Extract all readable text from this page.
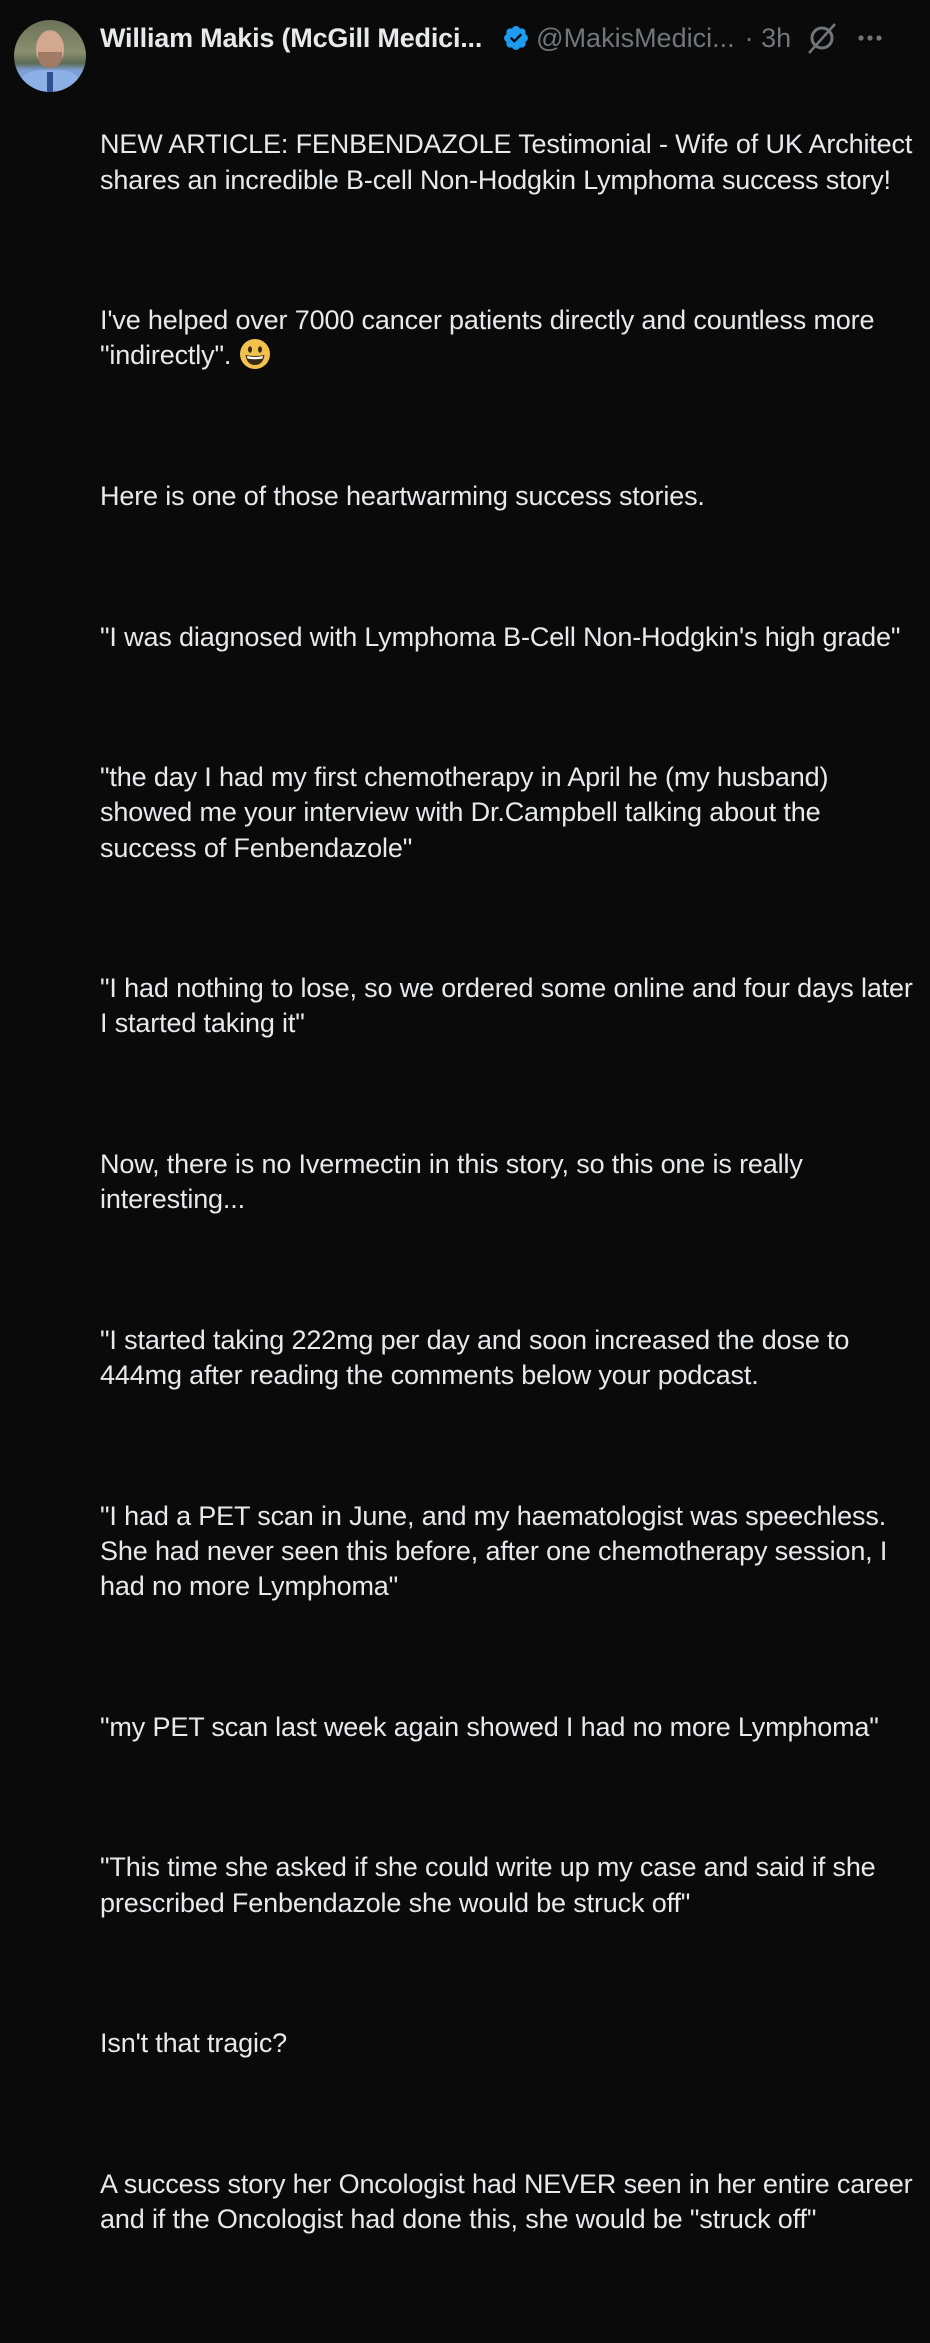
William Makis (McGill Medici... @MakisMedici... · 3h

NEW ARTICLE: FENBENDAZOLE Testimonial - Wife of UK Architect shares an incredible B-cell Non-Hodgkin Lymphoma success story!

I've helped over 7000 cancer patients directly and countless more "indirectly".

Here is one of those heartwarming success stories.

"I was diagnosed with Lymphoma B-Cell Non-Hodgkin's high grade"

"the day I had my first chemotherapy in April he (my husband) showed me your interview with Dr.Campbell talking about the success of Fenbendazole"

"I had nothing to lose, so we ordered some online and four days later I started taking it"

Now, there is no Ivermectin in this story, so this one is really interesting...

"I started taking 222mg per day and soon increased the dose to 444mg after reading the comments below your podcast.

"I had a PET scan in June, and my haematologist was speechless. She had never seen this before, after one chemotherapy session, I had no more Lymphoma"

"my PET scan last week again showed I had no more Lymphoma"

"This time she asked if she could write up my case and said if she prescribed Fenbendazole she would be struck off"

Isn't that tragic?

A success story her Oncologist had NEVER seen in her entire career and if the Oncologist had done this, she would be "struck off"
